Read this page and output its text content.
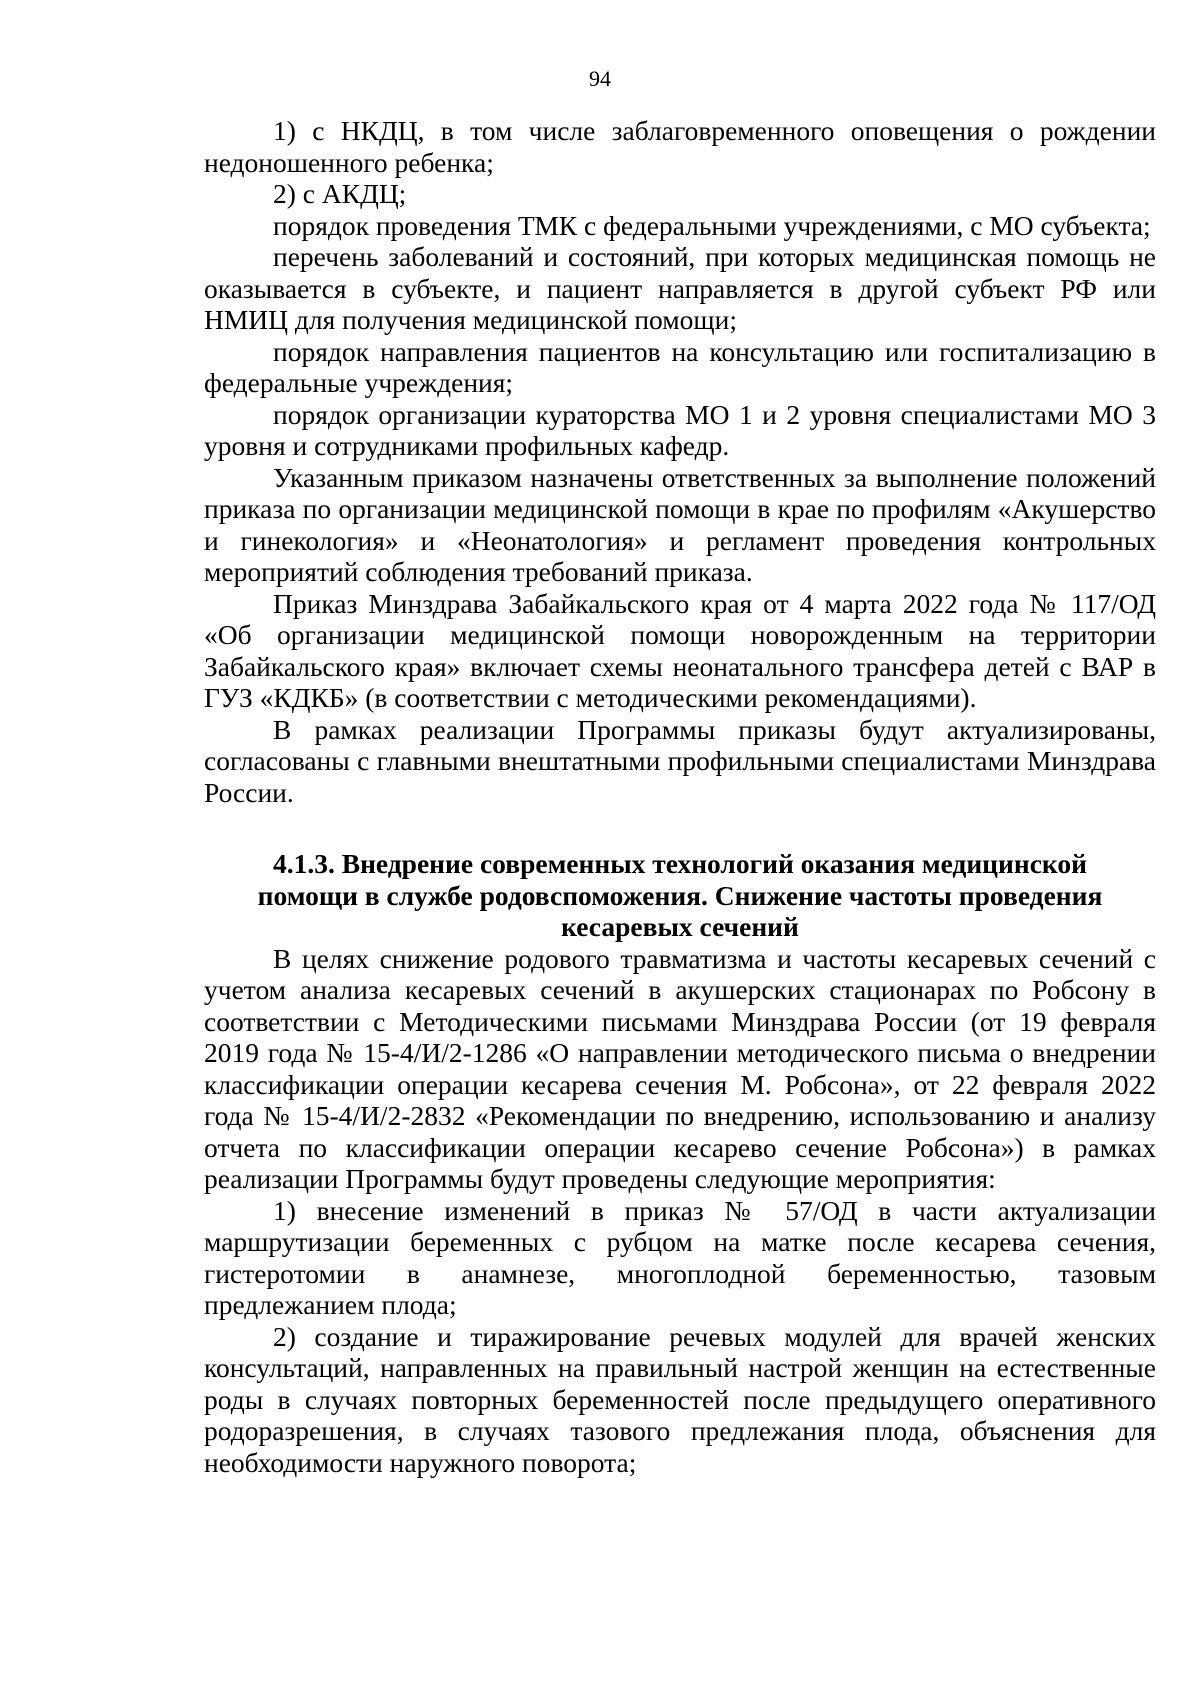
94

1) с НКДЦ, в том числе заблаговременного оповещения о рождении недоношенного ребенка;

2) с АКДЦ;

порядок проведения ТМК с федеральными учреждениями, с МО субъекта;

перечень заболеваний и состояний, при которых медицинская помощь не оказывается в субъекте, и пациент направляется в другой субъект РФ или НМИЦ для получения медицинской помощи;

порядок направления пациентов на консультацию или госпитализацию в федеральные учреждения;

порядок организации кураторства МО 1 и 2 уровня специалистами МО 3 уровня и сотрудниками профильных кафедр.

Указанным приказом назначены ответственных за выполнение положений приказа по организации медицинской помощи в крае по профилям «Акушерство и гинекология» и «Неонатология» и регламент проведения контрольных мероприятий соблюдения требований приказа.

Приказ Минздрава Забайкальского края от 4 марта 2022 года № 117/ОД «Об организации медицинской помощи новорожденным на территории Забайкальского края» включает схемы неонатального трансфера детей с ВАР в ГУЗ «КДКБ» (в соответствии с методическими рекомендациями).

В рамках реализации Программы приказы будут актуализированы, согласованы с главными внештатными профильными специалистами Минздрава России.

4.1.3. Внедрение современных технологий оказания медицинской помощи в службе родовспоможения. Снижение частоты проведения кесаревых сечений

В целях снижение родового травматизма и частоты кесаревых сечений с учетом анализа кесаревых сечений в акушерских стационарах по Робсону в соответствии с Методическими письмами Минздрава России (от 19 февраля 2019 года № 15-4/И/2-1286 «О направлении методического письма о внедрении классификации операции кесарева сечения М. Робсона», от 22 февраля 2022 года № 15-4/И/2-2832 «Рекомендации по внедрению, использованию и анализу отчета по классификации операции кесарево сечение Робсона») в рамках реализации Программы будут проведены следующие мероприятия:

1) внесение изменений в приказ № 57/ОД в части актуализации маршрутизации беременных с рубцом на матке после кесарева сечения, гистеротомии в анамнезе, многоплодной беременностью, тазовым предлежанием плода;

2) создание и тиражирование речевых модулей для врачей женских консультаций, направленных на правильный настрой женщин на естественные роды в случаях повторных беременностей после предыдущего оперативного родоразрешения, в случаях тазового предлежания плода, объяснения для необходимости наружного поворота;
